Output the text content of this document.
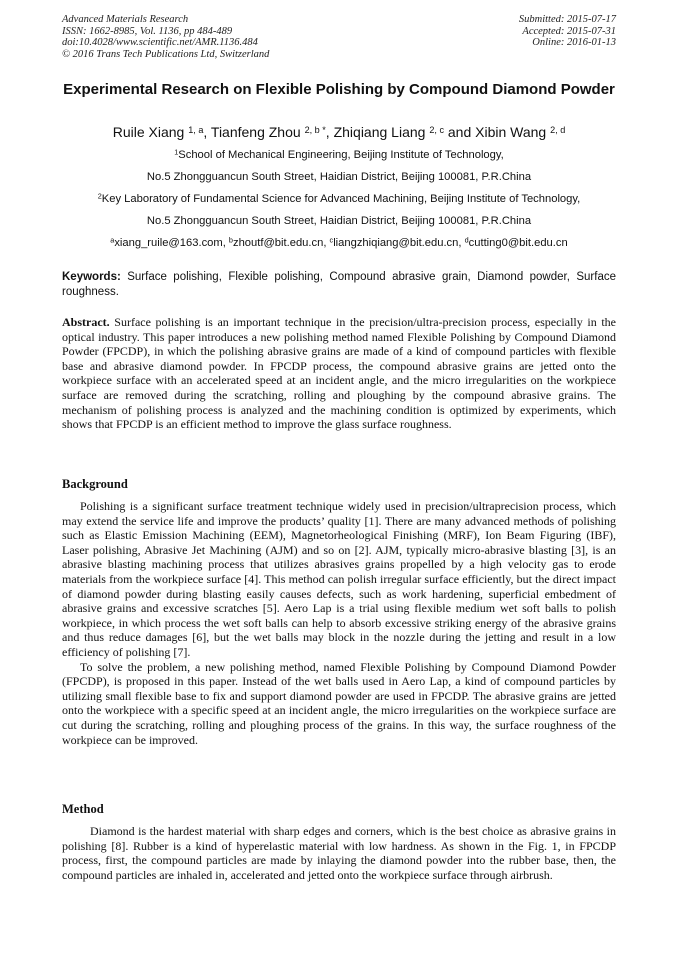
Advanced Materials Research
ISSN: 1662-8985, Vol. 1136, pp 484-489
doi:10.4028/www.scientific.net/AMR.1136.484
© 2016 Trans Tech Publications Ltd, Switzerland
Submitted: 2015-07-17
Accepted: 2015-07-31
Online: 2016-01-13
Experimental Research on Flexible Polishing by Compound Diamond Powder
Ruile Xiang $^{1, a}$, Tianfeng Zhou $^{2, b *}$, Zhiqiang Liang $^{2, c}$ and Xibin Wang $^{2, d}$
$^1$School of Mechanical Engineering, Beijing Institute of Technology,
No.5 Zhongguancun South Street, Haidian District, Beijing 100081, P.R.China
$^2$Key Laboratory of Fundamental Science for Advanced Machining, Beijing Institute of Technology,
No.5 Zhongguancun South Street, Haidian District, Beijing 100081, P.R.China
$^a$xiang_ruile@163.com, $^b$zhoutf@bit.edu.cn, $^c$liangzhiqiang@bit.edu.cn, $^d$cutting0@bit.edu.cn
Keywords: Surface polishing, Flexible polishing, Compound abrasive grain, Diamond powder, Surface roughness.

Abstract. Surface polishing is an important technique in the precision/ultra-precision process, especially in the optical industry. This paper introduces a new polishing method named Flexible Polishing by Compound Diamond Powder (FPCDP), in which the polishing abrasive grains are made of a kind of compound particles with flexible base and abrasive diamond powder. In FPCDP process, the compound abrasive grains are jetted onto the workpiece surface with an accelerated speed at an incident angle, and the micro irregularities on the workpiece surface are removed during the scratching, rolling and ploughing by the compound abrasive grains. The mechanism of polishing process is analyzed and the machining condition is optimized by experiments, which shows that FPCDP is an efficient method to improve the glass surface roughness.

Background

Polishing is a significant surface treatment technique widely used in precision/ultraprecision process, which may extend the service life and improve the products’ quality [1]. There are many advanced methods of polishing such as Elastic Emission Machining (EEM), Magnetorheological Finishing (MRF), Ion Beam Figuring (IBF), Laser polishing, Abrasive Jet Machining (AJM) and so on [2]. AJM, typically micro-abrasive blasting [3], is an abrasive blasting machining process that utilizes abrasives grains propelled by a high velocity gas to erode materials from the workpiece surface [4]. This method can polish irregular surface efficiently, but the direct impact of diamond powder during blasting easily causes defects, such as work hardening, superficial embedment of abrasive grains and excessive scratches [5]. Aero Lap is a trial using flexible medium wet soft balls to polish workpiece, in which process the wet soft balls can help to absorb excessive striking energy of the abrasive grains and thus reduce damages [6], but the wet balls may block in the nozzle during the jetting and result in a low efficiency of polishing [7].

To solve the problem, a new polishing method, named Flexible Polishing by Compound Diamond Powder (FPCDP), is proposed in this paper. Instead of the wet balls used in Aero Lap, a kind of compound particles by utilizing small flexible base to fix and support diamond powder are used in FPCDP. The abrasive grains are jetted onto the workpiece with a specific speed at an incident angle, the micro irregularities on the workpiece surface are cut during the scratching, rolling and ploughing process of the grains. In this way, the surface roughness of the workpiece can be improved.

Method

Diamond is the hardest material with sharp edges and corners, which is the best choice as abrasive grains in polishing [8]. Rubber is a kind of hyperelastic material with low hardness. As shown in the Fig. 1, in FPCDP process, first, the compound particles are made by inlaying the diamond powder into the rubber base, then, the compound particles are inhaled in, accelerated and jetted onto the workpiece surface through airbrush.
